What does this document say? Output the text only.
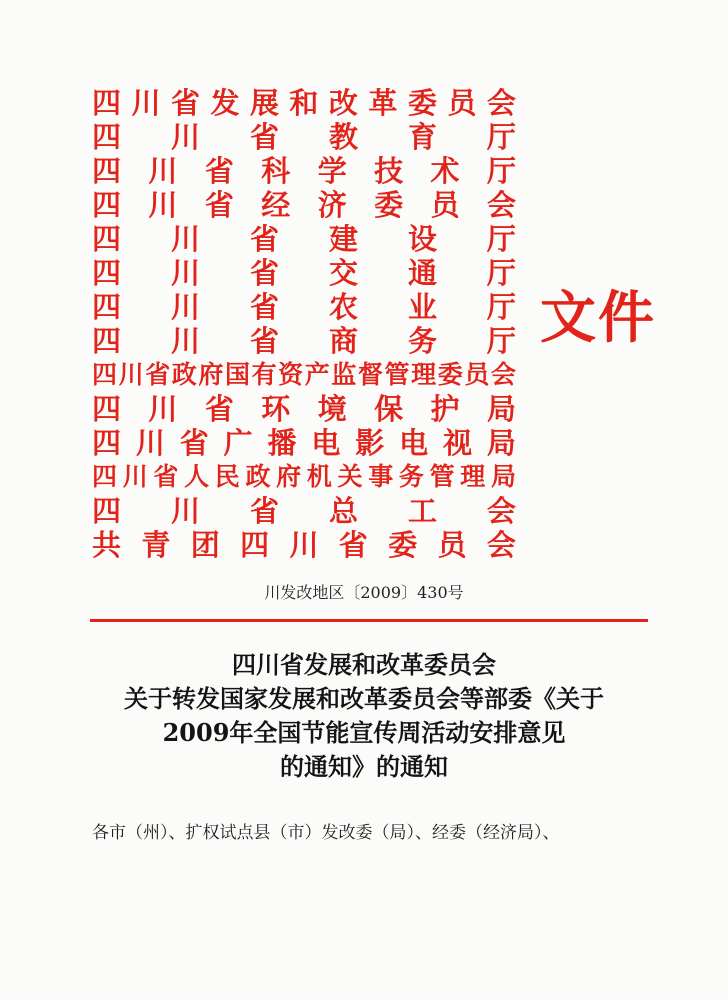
四 川 省 发 展 和 改 革 委 员 会
四 川 省 教 育 厅
四 川 省 科 学 技 术 厅
四 川 省 经 济 委 员 会
四 川 省 建 设 厅
四 川 省 交 通 厅
四 川 省 农 业 厅
四 川 省 商 务 厅
四 川 省 政 府 国 有 资 产 监 督 管 理 委 员 会
四 川 省 环 境 保 护 局
四 川 省 广 播 电 影 电 视 局
四 川 省 人 民 政 府 机 关 事 务 管 理 局
四 川 省 总 工 会
共 青 团 四 川 省 委 员 会
文件
川发改地区〔2009〕430号
四川省发展和改革委员会
关于转发国家发展和改革委员会等部委《关于
2009年全国节能宣传周活动安排意见
的通知》的通知
各市（州）、扩权试点县（市）发改委（局）、经委（经济局）、
